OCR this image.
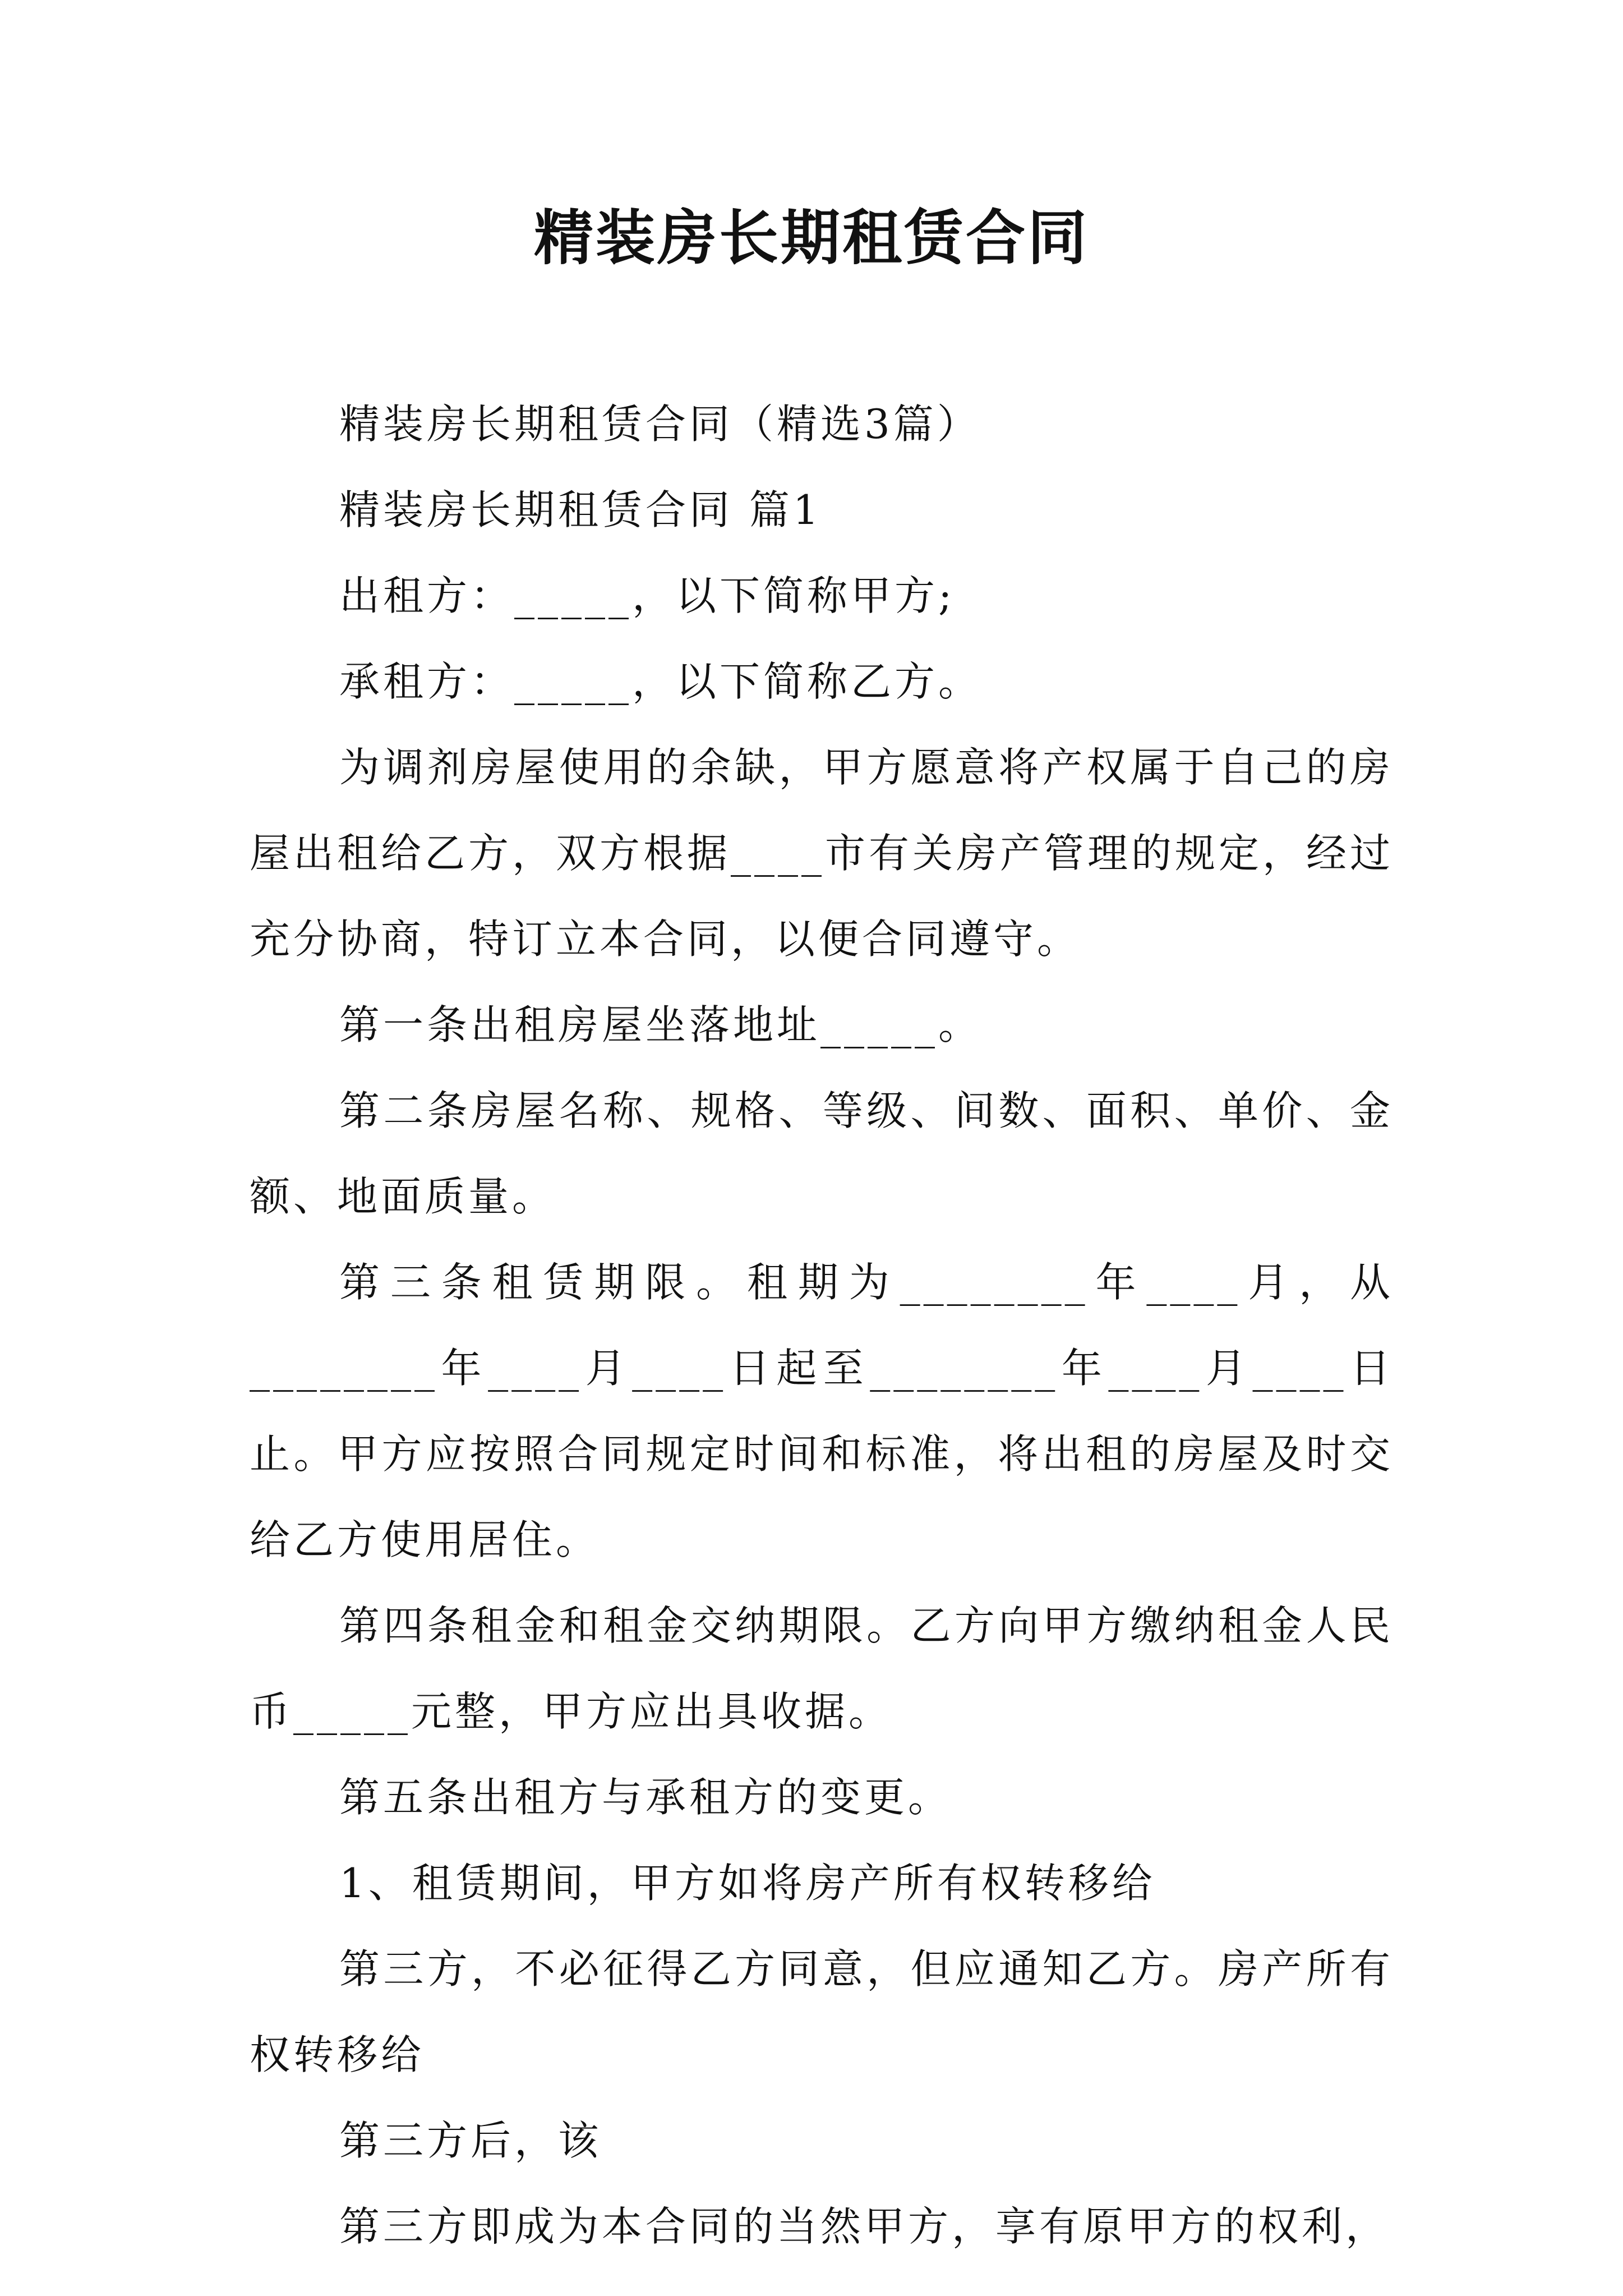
精装房长期租赁合同

精装房长期租赁合同（精选3篇）

精装房长期租赁合同 篇1

出租方：_____，以下简称甲方;

承租方：_____，以下简称乙方。

为调剂房屋使用的余缺，甲方愿意将产权属于自己的房屋出租给乙方，双方根据____市有关房产管理的规定，经过充分协商，特订立本合同，以便合同遵守。

第一条出租房屋坐落地址_____。

第二条房屋名称、规格、等级、间数、面积、单价、金额、地面质量。

第三条租赁期限。租期为________年____月，从________年____月____日起至________年____月____日止。甲方应按照合同规定时间和标准，将出租的房屋及时交给乙方使用居住。

第四条租金和租金交纳期限。乙方向甲方缴纳租金人民币_____元整，甲方应出具收据。

第五条出租方与承租方的变更。

1、租赁期间，甲方如将房产所有权转移给

第三方，不必征得乙方同意，但应通知乙方。房产所有权转移给

第三方后，该

第三方即成为本合同的当然甲方，享有原甲方的权利，
